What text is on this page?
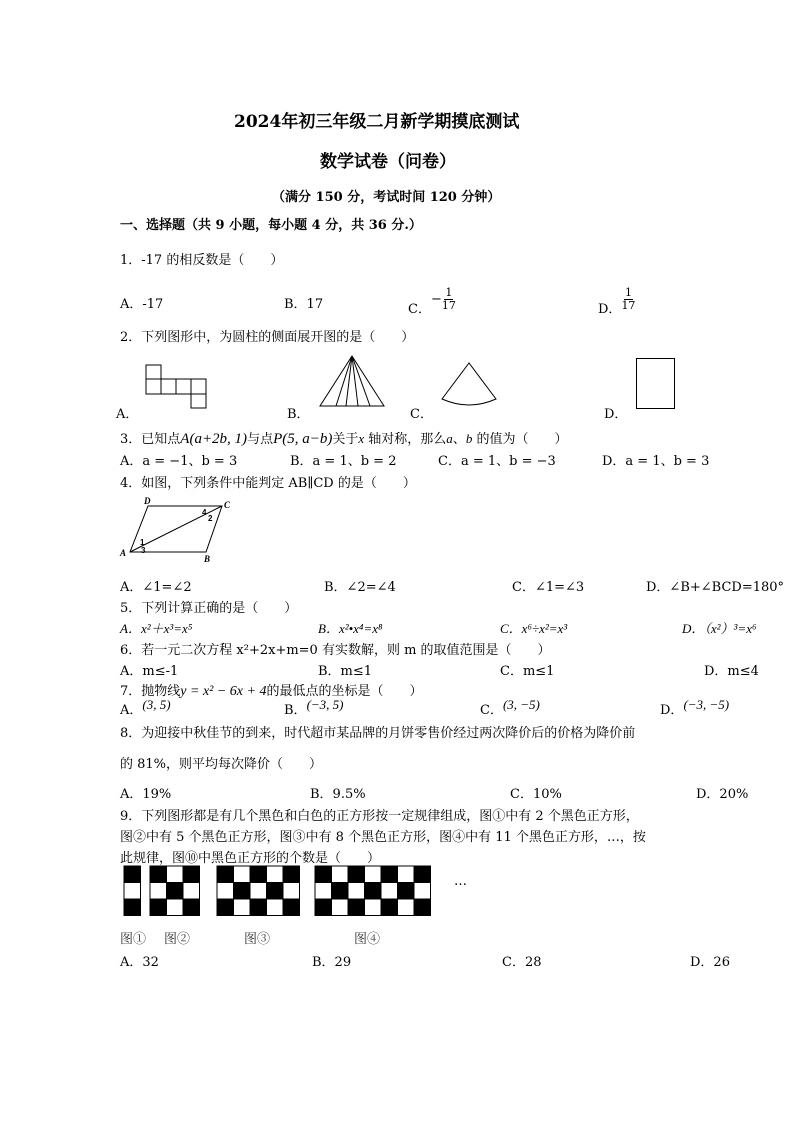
2024年初三年级二月新学期摸底测试
数学试卷（问卷）
（满分 150 分，考试时间 120 分钟）
一、选择题（共 9 小题，每小题 4 分，共 36 分.）
1．-17 的相反数是（　　）
A．-17	B．17	C．− $\frac{1}{17}$	D． $\frac{1}{17}$
2．下列图形中，为圆柱的侧面展开图的是（　　）
A．	B．	C．	D．
3．已知点A(a+2b, 1)与点P(5, a−b)关于x 轴对称，那么a、b 的值为（　　）
A．a = −1、b = 3	B．a = 1、b = 2	C．a = 1、b = −3	D．a = 1、b = 3
4．如图，下列条件中能判定 AB∥CD 的是（　　）
D	C
A
B
1
3
4
2
A．∠1=∠2	B．∠2=∠4	C．∠1=∠3	D．∠B+∠BCD=180°
5．下列计算正确的是（　　）
A．x²＋x³=x⁵	B．x²•x⁴=x⁸	C．x⁶÷x²=x³	D．（x²）³=x⁶
6．若一元二次方程 x²+2x+m=0 有实数解，则 m 的取值范围是（　　）
A．m≤-1	B．m≤1	C．m≤1	D．m≤4
7．抛物线y = x² − 6x + 4的最低点的坐标是（　　）
A．(3, 5)	B．(−3, 5)	C．(3, −5)	D．(−3, −5)
8．为迎接中秋佳节的到来，时代超市某品牌的月饼零售价经过两次降价后的价格为降价前
的 81%，则平均每次降价（　　）
A．19%	B．9.5%	C．10%	D．20%
9．下列图形都是有几个黑色和白色的正方形按一定规律组成，图①中有 2 个黑色正方形，
图②中有 5 个黑色正方形，图③中有 8 个黑色正方形，图④中有 11 个黑色正方形，…，按
此规律，图⑩中黑色正方形的个数是（　　）
…
图① 图②	图③	图④
A．32	B．29	C．28	D．26
